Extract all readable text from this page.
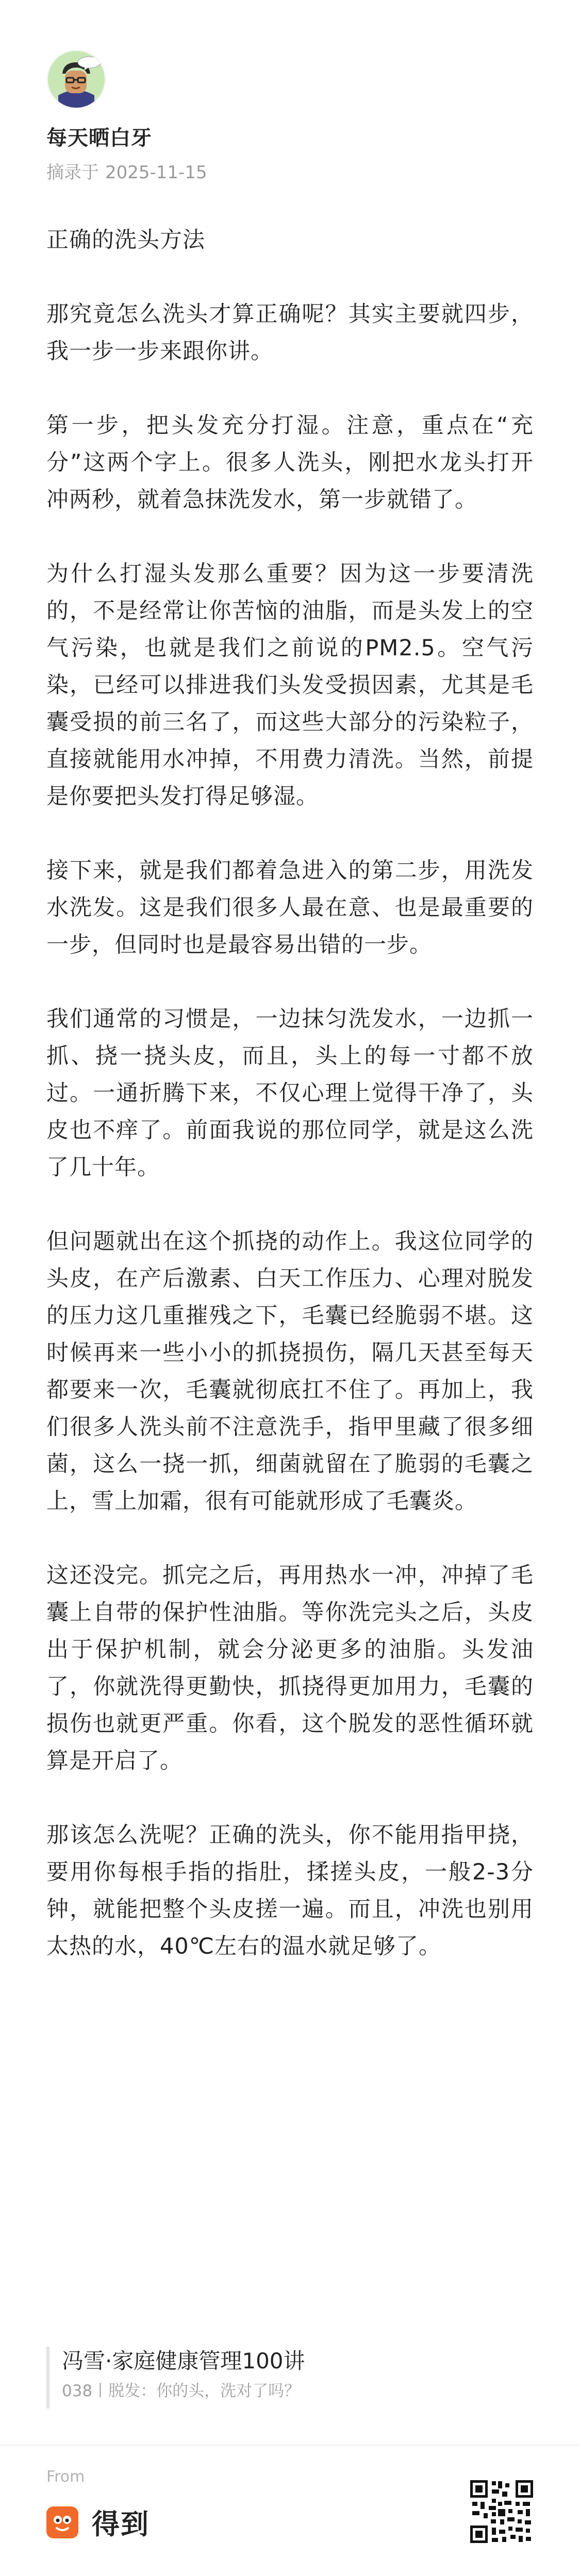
每天晒白牙
摘录于 2025-11-15
正确的洗头方法

那究竟怎么洗头才算正确呢？其实主要就四步，我一步一步来跟你讲。

第一步，把头发充分打湿。注意，重点在“充分”这两个字上。很多人洗头，刚把水龙头打开冲两秒，就着急抹洗发水，第一步就错了。

为什么打湿头发那么重要？因为这一步要清洗的，不是经常让你苦恼的油脂，而是头发上的空气污染，也就是我们之前说的PM2.5。空气污染，已经可以排进我们头发受损因素，尤其是毛囊受损的前三名了，而这些大部分的污染粒子，直接就能用水冲掉，不用费力清洗。当然，前提是你要把头发打得足够湿。

接下来，就是我们都着急进入的第二步，用洗发水洗发。这是我们很多人最在意、也是最重要的一步，但同时也是最容易出错的一步。

我们通常的习惯是，一边抹匀洗发水，一边抓一抓、挠一挠头皮，而且，头上的每一寸都不放过。一通折腾下来，不仅心理上觉得干净了，头皮也不痒了。前面我说的那位同学，就是这么洗了几十年。

但问题就出在这个抓挠的动作上。我这位同学的头皮，在产后激素、白天工作压力、心理对脱发的压力这几重摧残之下，毛囊已经脆弱不堪。这时候再来一些小小的抓挠损伤，隔几天甚至每天都要来一次，毛囊就彻底扛不住了。再加上，我们很多人洗头前不注意洗手，指甲里藏了很多细菌，这么一挠一抓，细菌就留在了脆弱的毛囊之上，雪上加霜，很有可能就形成了毛囊炎。

这还没完。抓完之后，再用热水一冲，冲掉了毛囊上自带的保护性油脂。等你洗完头之后，头皮出于保护机制，就会分泌更多的油脂。头发油了，你就洗得更勤快，抓挠得更加用力，毛囊的损伤也就更严重。你看，这个脱发的恶性循环就算是开启了。

那该怎么洗呢？正确的洗头，你不能用指甲挠，要用你每根手指的指肚，揉搓头皮，一般2-3分钟，就能把整个头皮搓一遍。而且，冲洗也别用太热的水，40℃左右的温水就足够了。

冯雪·家庭健康管理100讲
038丨脱发：你的头，洗对了吗？
From
得到
